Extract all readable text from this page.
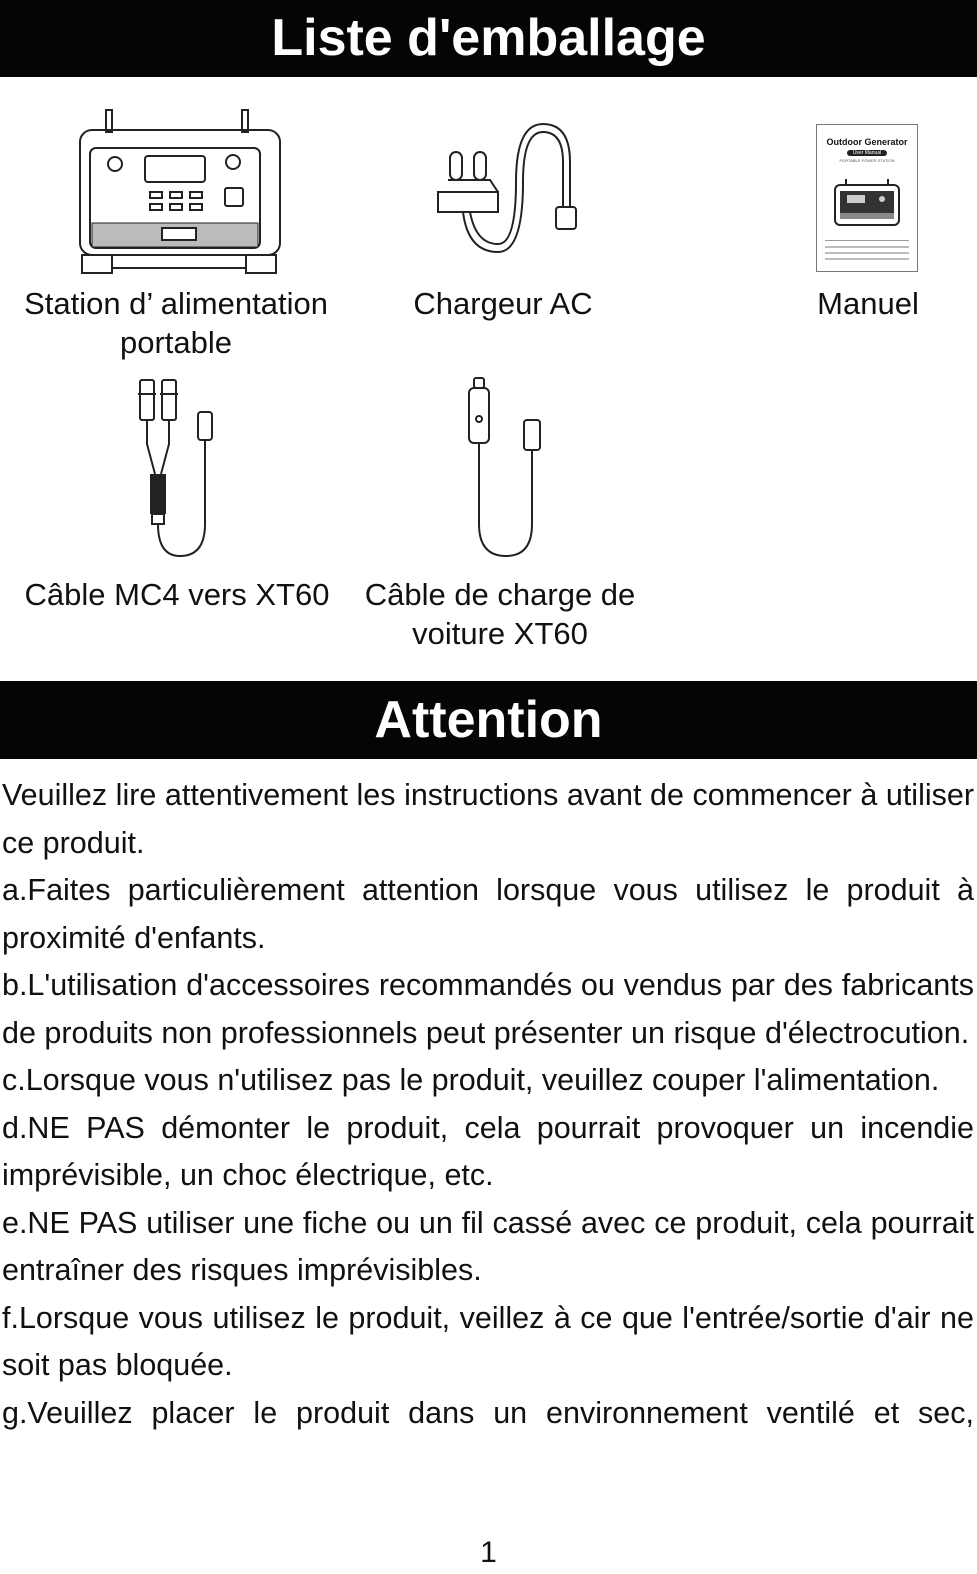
Liste d'emballage
Station d’ alimentation
portable
Chargeur AC
Outdoor Generator
User Manual
PORTABLE POWER STATION
Manuel
Câble MC4 vers XT60	Câble de charge de
voiture XT60
Attention

Veuillez lire attentivement les instructions avant de commencer à utiliser ce produit.

a.Faites particulièrement attention lorsque vous utilisez le produit à proximité d'enfants.

b.L'utilisation d'accessoires recommandés ou vendus par des fabricants de produits non professionnels peut présenter un risque d'électrocution.

c.Lorsque vous n'utilisez pas le produit, veuillez couper l'alimentation.

d.NE PAS démonter le produit, cela pourrait provoquer un incendie imprévisible, un choc électrique, etc.

e.NE PAS utiliser une fiche ou un fil cassé avec ce produit, cela pourrait entraîner des risques imprévisibles.

f.Lorsque vous utilisez le produit, veillez à ce que l'entrée/sortie d'air ne soit pas bloquée.

g.Veuillez placer le produit dans un environnement ventilé et sec,

1
